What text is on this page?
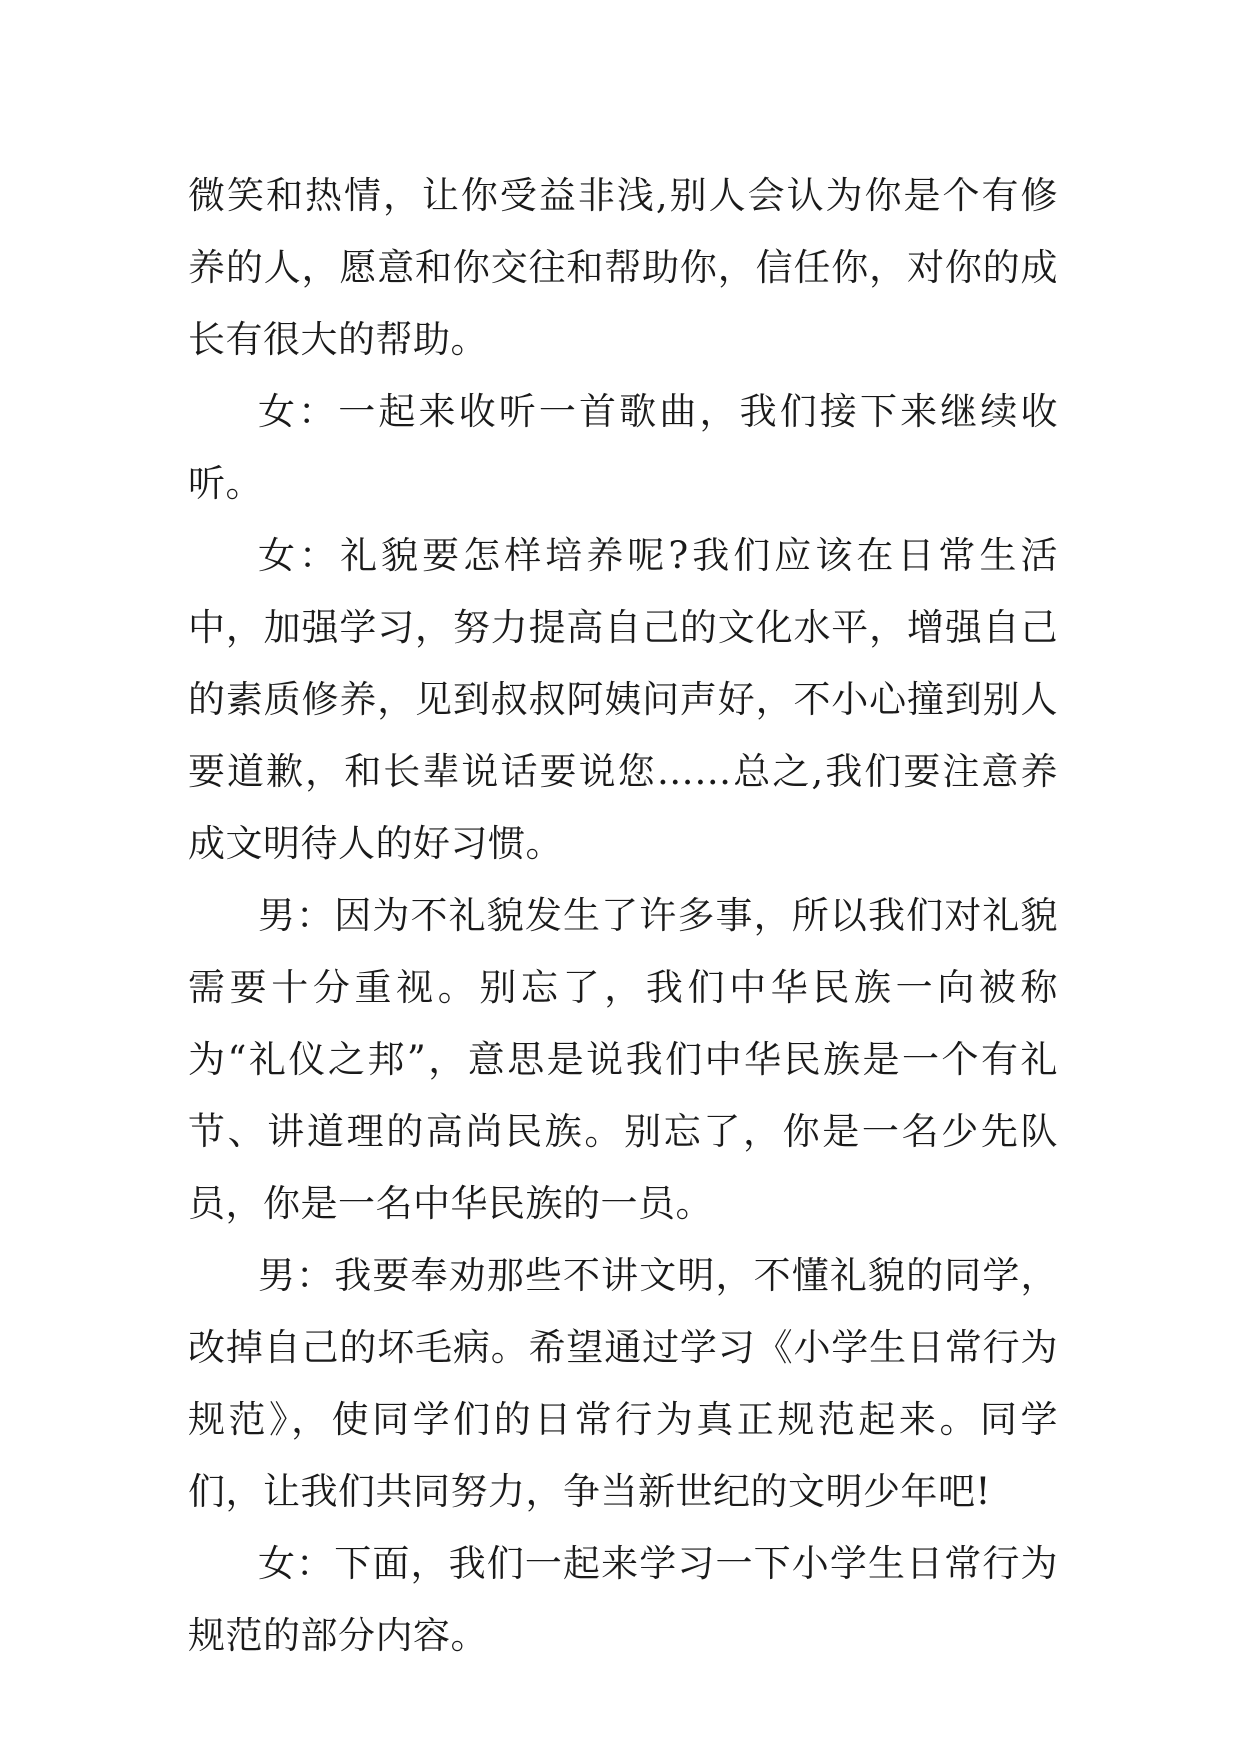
微笑和热情，让你受益非浅,别人会认为你是个有修养的人，愿意和你交往和帮助你，信任你，对你的成长有很大的帮助。

女：一起来收听一首歌曲，我们接下来继续收听。

女：礼貌要怎样培养呢?我们应该在日常生活中，加强学习，努力提高自己的文化水平，增强自己的素质修养，见到叔叔阿姨问声好，不小心撞到别人要道歉，和长辈说话要说您……总之,我们要注意养成文明待人的好习惯。

男：因为不礼貌发生了许多事，所以我们对礼貌需要十分重视。别忘了，我们中华民族一向被称为“礼仪之邦”，意思是说我们中华民族是一个有礼节、讲道理的高尚民族。别忘了，你是一名少先队员，你是一名中华民族的一员。

男：我要奉劝那些不讲文明，不懂礼貌的同学，改掉自己的坏毛病。希望通过学习《小学生日常行为规范》，使同学们的日常行为真正规范起来。同学们，让我们共同努力，争当新世纪的文明少年吧!

女：下面，我们一起来学习一下小学生日常行为规范的部分内容。
